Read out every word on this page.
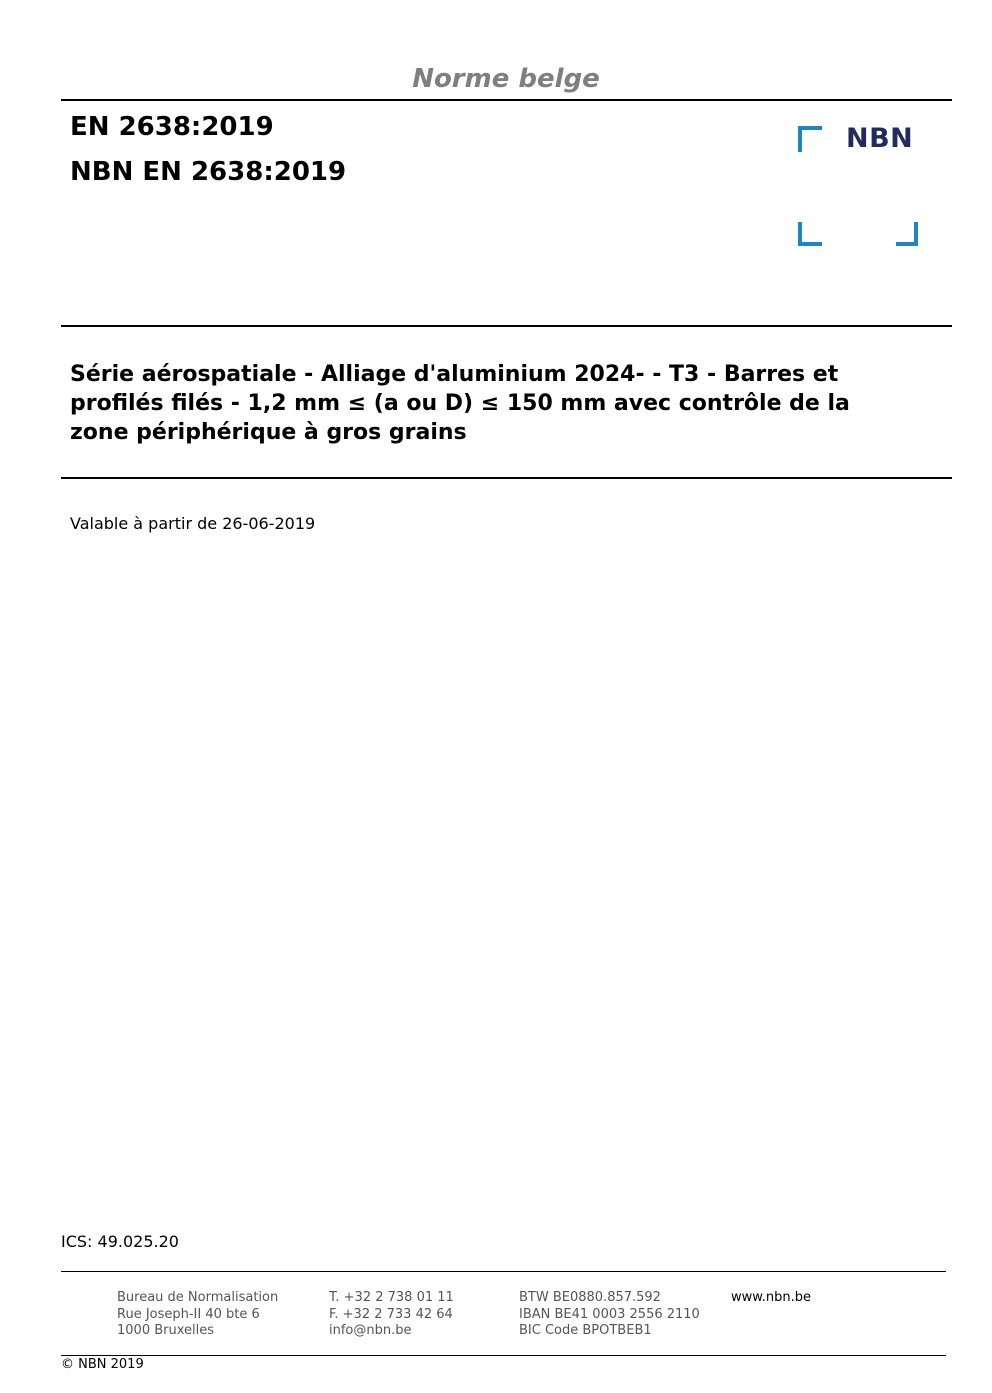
Norme belge
EN 2638:2019
NBN EN 2638:2019
NBN
Série aérospatiale - Alliage d'aluminium 2024- - T3 - Barres et
profilés filés - 1,2 mm ≤ (a ou D) ≤ 150 mm avec contrôle de la
zone périphérique à gros grains
Valable à partir de 26-06-2019
ICS: 49.025.20
Bureau de Normalisation
Rue Joseph-II 40 bte 6
1000 Bruxelles
T. +32 2 738 01 11
F. +32 2 733 42 64
info@nbn.be
BTW BE0880.857.592
IBAN BE41 0003 2556 2110
BIC Code BPOTBEB1
www.nbn.be
© NBN 2019
